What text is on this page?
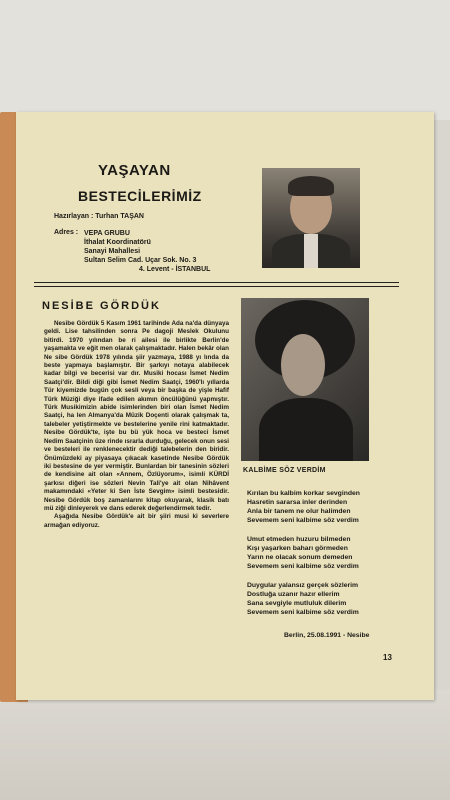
YAŞAYAN
BESTECİLERİMİZ
Hazırlayan : Turhan TAŞAN
Adres : VEPA GRUBU
İthalat Koordinatörü
Sanayi Mahallesi
Sultan Selim Cad. Uçar Sok. No. 3
4. Levent - İSTANBUL
NESİBE GÖRDÜK

Nesibe Gördük 5 Kasım 1961 tarihinde Ada na'da dünyaya geldi. Lise tahsilinden sonra Pe dagoji Meslek Okulunu bitirdi. 1970 yılından be ri ailesi ile birlikte Berlin'de yaşamakta ve eğit men olarak çalışmaktadır. Halen bekâr olan Ne sibe Gördük 1978 yılında şiir yazmaya, 1988 yı lında da beste yapmaya başlamıştır. Bir şarkıyı notaya alabilecek kadar bilgi ve becerisi var dır. Musiki hocası İsmet Nedim Saatçi'dir. Bildi diği gibi İsmet Nedim Saatçi, 1960'lı yıllarda Tür kiyemizde bugün çok sesli veya bir başka de yişle Hafif Türk Müziği diye ifade edilen akımın öncülüğünü yapmıştır. Türk Musikimizin abide isimlerinden biri olan İsmet Nedim Saatçi, ha len Almanya'da Müzik Doçenti olarak çalışmak ta, talebeler yetiştirmekte ve bestelerine yenile rini katmaktadır. Nesibe Gördük'te, işte bu bü yük hoca ve besteci İsmet Nedim Saatçinin üze rinde ısrarla durduğu, gelecek onun sesi ve besteleri ile renklenecektir dediği talebelerin den biridir. Önümüzdeki ay piyasaya çıkacak kasetinde Nesibe Gördük iki bestesine de yer vermiştir. Bunlardan bir tanesinin sözleri de kendisine ait olan «Annem, Özlüyorum», isimli KÜRDİ şarkısı diğeri ise sözleri Nevin Tali'ye ait olan Nihâvent makamındaki «Yeter ki Sen İste Sevgim» isimli bestesidir. Nesibe Gördük boş zamanlarını kitap okuyarak, klasik batı mü ziği dinleyerek ve dans ederek değerlendirmek tedir.

Aşağıda Nesibe Gördük'e ait bir şiiri musi ki severlere armağan ediyoruz.

KALBİME SÖZ VERDİM
Kırılan bu kalbim korkar sevginden
Hasretin sararsa inler derinden
Anla bir tanem ne olur halimden
Sevemem seni kalbime söz verdim
Umut etmeden huzuru bilmeden
Kışı yaşarken baharı görmeden
Yarın ne olacak sonum demeden
Sevemem seni kalbime söz verdim
Duygular yalansız gerçek sözlerim
Dostluğa uzanır hazır ellerim
Sana sevgiyle mutluluk dilerim
Sevemem seni kalbime söz verdim
Berlin, 25.08.1991 - Nesibe
13
